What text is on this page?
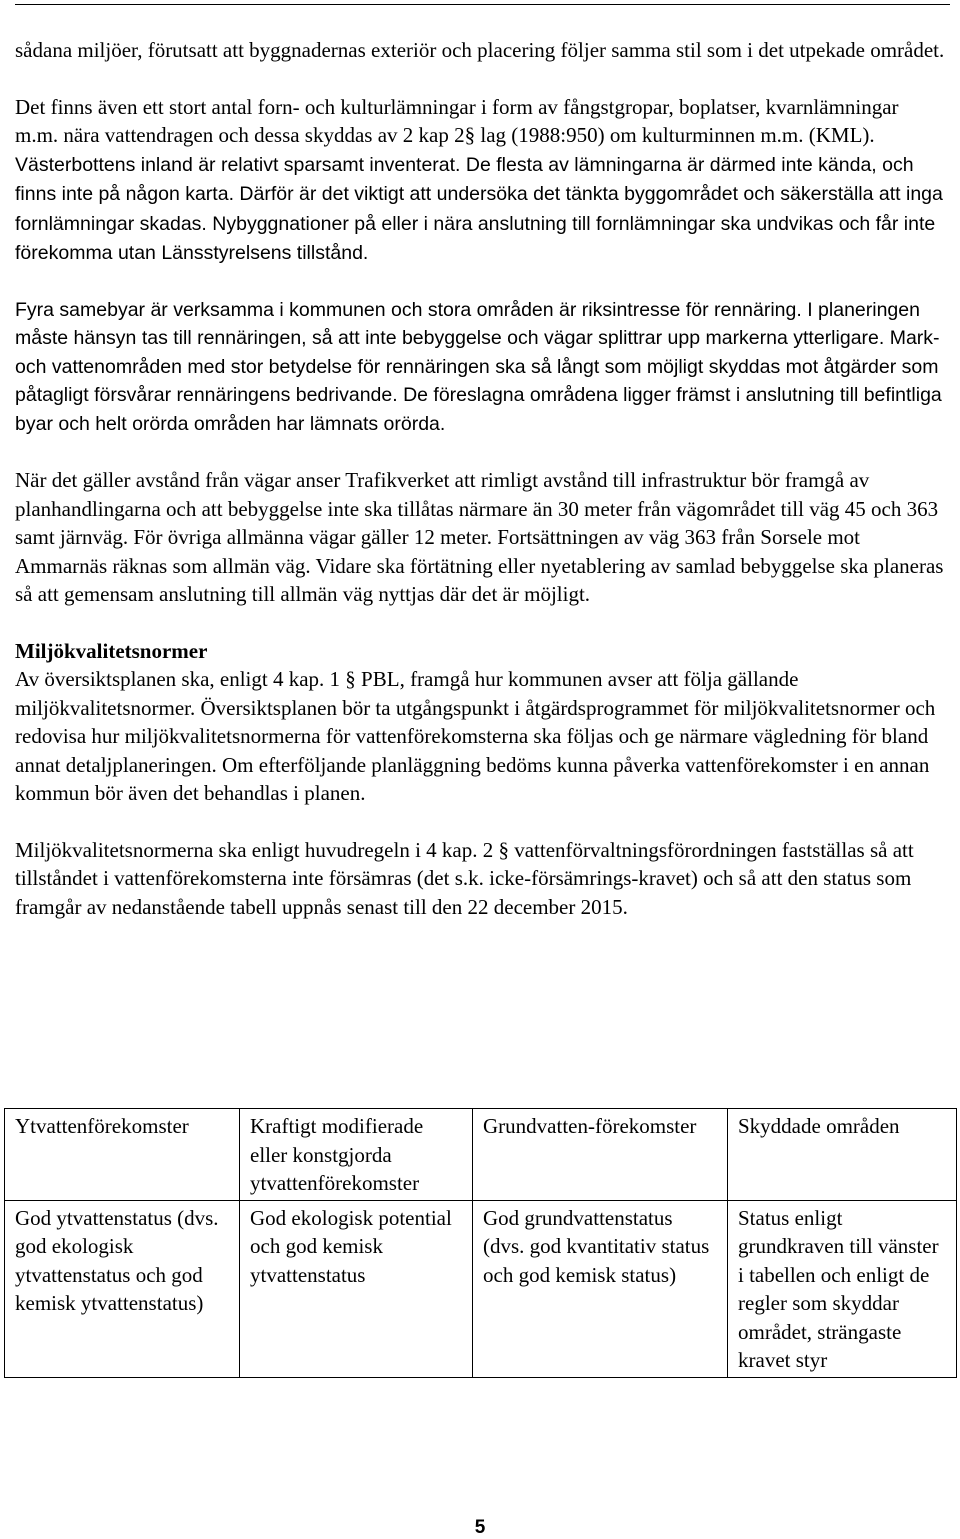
sådana miljöer, förutsatt att byggnadernas exteriör och placering följer samma stil som i det utpekade området.

Det finns även ett stort antal forn- och kulturlämningar i form av fångstgropar, boplatser, kvarnlämningar m.m. nära vattendragen och dessa skyddas av 2 kap 2§ lag (1988:950) om kulturminnen m.m. (KML). Västerbottens inland är relativt sparsamt inventerat. De flesta av lämningarna är därmed inte kända, och finns inte på någon karta. Därför är det viktigt att undersöka det tänkta byggområdet och säkerställa att inga fornlämningar skadas. Nybyggnationer på eller i nära anslutning till fornlämningar ska undvikas och får inte förekomma utan Länsstyrelsens tillstånd.

Fyra samebyar är verksamma i kommunen och stora områden är riksintresse för rennäring. I planeringen måste hänsyn tas till rennäringen, så att inte bebyggelse och vägar splittrar upp markerna ytterligare. Mark- och vattenområden med stor betydelse för rennäringen ska så långt som möjligt skyddas mot åtgärder som påtagligt försvårar rennäringens bedrivande. De föreslagna områdena ligger främst i anslutning till befintliga byar och helt orörda områden har lämnats orörda.

När det gäller avstånd från vägar anser Trafikverket att rimligt avstånd till infrastruktur bör framgå av planhandlingarna och att bebyggelse inte ska tillåtas närmare än 30 meter från vägområdet till väg 45 och 363 samt järnväg. För övriga allmänna vägar gäller 12 meter. Fortsättningen av väg 363 från Sorsele mot Ammarnäs räknas som allmän väg. Vidare ska förtätning eller nyetablering av samlad bebyggelse ska planeras så att gemensam anslutning till allmän väg nyttjas där det är möjligt.

Miljökvalitetsnormer

Av översiktsplanen ska, enligt 4 kap. 1 § PBL, framgå hur kommunen avser att följa gällande miljökvalitetsnormer. Översiktsplanen bör ta utgångspunkt i åtgärdsprogrammet för miljökvalitetsnormer och redovisa hur miljökvalitetsnormerna för vattenförekomsterna ska följas och ge närmare vägledning för bland annat detaljplaneringen. Om efterföljande planläggning bedöms kunna påverka vattenförekomster i en annan kommun bör även det behandlas i planen.

Miljökvalitetsnormerna ska enligt huvudregeln i 4 kap. 2 § vattenförvaltningsförordningen fastställas så att tillståndet i vattenförekomsterna inte försämras (det s.k. icke-försämrings-kravet) och så att den status som framgår av nedanstående tabell uppnås senast till den 22 december 2015.

Ytvattenförekomster	Kraftigt modifierade eller konstgjorda ytvattenförekomster	Grundvatten-förekomster	Skyddade områden
God ytvattenstatus (dvs. god ekologisk ytvattenstatus och god kemisk ytvattenstatus)	God ekologisk potential och god kemisk ytvattenstatus	God grundvattenstatus (dvs. god kvantitativ status och god kemisk status)	Status enligt grundkraven till vänster i tabellen och enligt de regler som skyddar området, strängaste kravet styr
5
